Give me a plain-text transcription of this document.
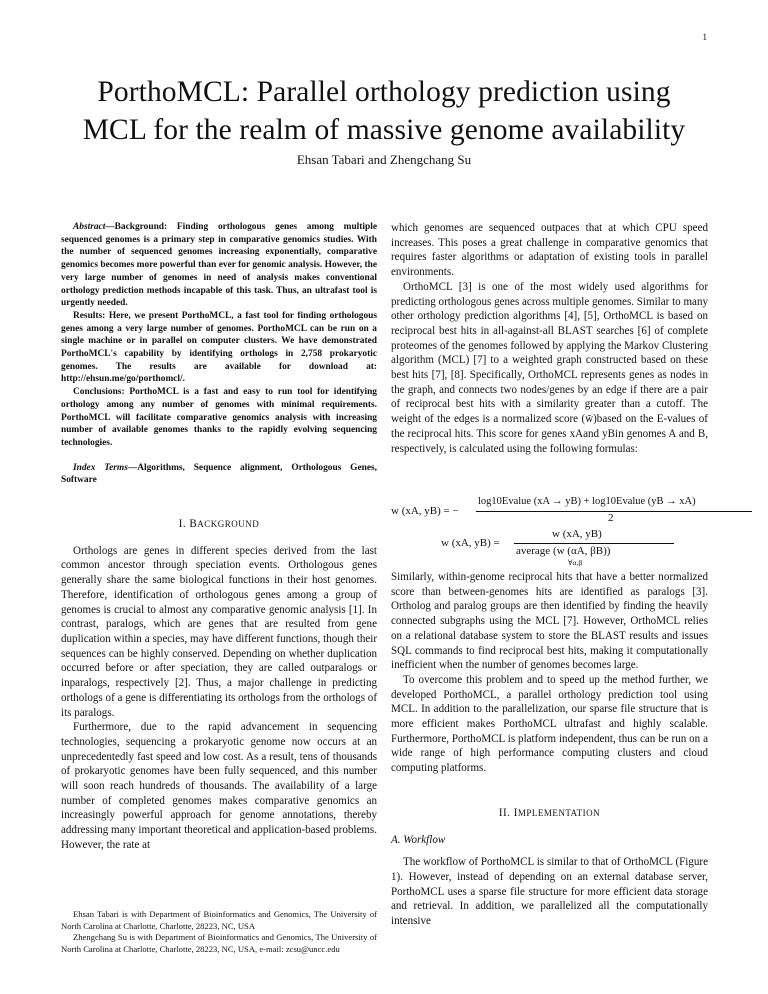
1
PorthoMCL: Parallel orthology prediction using
MCL for the realm of massive genome availability
Ehsan Tabari and Zhengchang Su

Abstract—Background: Finding orthologous genes among multiple sequenced genomes is a primary step in comparative genomics studies. With the number of sequenced genomes increasing exponentially, comparative genomics becomes more powerful than ever for genomic analysis. However, the very large number of genomes in need of analysis makes conventional orthology prediction methods incapable of this task. Thus, an ultrafast tool is urgently needed.

Results: Here, we present PorthoMCL, a fast tool for finding orthologous genes among a very large number of genomes. PorthoMCL can be run on a single machine or in parallel on computer clusters. We have demonstrated PorthoMCL's capability by identifying orthologs in 2,758 prokaryotic genomes. The results are available for download at: http://ehsun.me/go/porthomcl/.

Conclusions: PorthoMCL is a fast and easy to run tool for identifying orthology among any number of genomes with minimal requirements. PorthoMCL will facilitate comparative genomics analysis with increasing number of available genomes thanks to the rapidly evolving sequencing technologies.

Index Terms—Algorithms, Sequence alignment, Orthologous Genes, Software

I. BACKGROUND

Orthologs are genes in different species derived from the last common ancestor through speciation events. Orthologous genes generally share the same biological functions in their host genomes. Therefore, identification of orthologous genes among a group of genomes is crucial to almost any comparative genomic analysis [1]. In contrast, paralogs, which are genes that are resulted from gene duplication within a species, may have different functions, though their sequences can be highly conserved. Depending on whether duplication occurred before or after speciation, they are called outparalogs or inparalogs, respectively [2]. Thus, a major challenge in predicting orthologs of a gene is differentiating its orthologs from the orthologs of its paralogs.

Furthermore, due to the rapid advancement in sequencing technologies, sequencing a prokaryotic genome now occurs at an unprecedentedly fast speed and low cost. As a result, tens of thousands of prokaryotic genomes have been fully sequenced, and this number will soon reach hundreds of thousands. The availability of a large number of completed genomes makes comparative genomics an increasingly powerful approach for genome annotations, thereby addressing many important theoretical and application-based problems. However, the rate at

Ehsan Tabari is with Department of Bioinformatics and Genomics, The University of North Carolina at Charlotte, Charlotte, 28223, NC, USA

Zhengchang Su is with Department of Bioinformatics and Genomics, The University of North Carolina at Charlotte, Charlotte, 28223, NC, USA, e-mail: zcsu@uncc.edu

which genomes are sequenced outpaces that at which CPU speed increases. This poses a great challenge in comparative genomics that requires faster algorithms or adaptation of existing tools in parallel environments.

OrthoMCL [3] is one of the most widely used algorithms for predicting orthologous genes across multiple genomes. Similar to many other orthology prediction algorithms [4], [5], OrthoMCL is based on reciprocal best hits in all-against-all BLAST searches [6] of complete proteomes of the genomes followed by applying the Markov Clustering algorithm (MCL) [7] to a weighted graph constructed based on these best hits [7], [8]. Specifically, OrthoMCL represents genes as nodes in the graph, and connects two nodes/genes by an edge if there are a pair of reciprocal best hits with a similarity greater than a cutoff. The weight of the edges is a normalized score (w̄)based on the E-values of the reciprocal hits. This score for genes xAand yBin genomes A and B, respectively, is calculated using the following formulas:

w (xA, yB) = −
log10Evalue (xA → yB) + log10Evalue (yB → xA)
2
w (xA, yB) =
w (xA, yB)
average (w (αA, βB))
∀α,β

Similarly, within-genome reciprocal hits that have a better normalized score than between-genomes hits are identified as paralogs [3]. Ortholog and paralog groups are then identified by finding the heavily connected subgraphs using the MCL [7]. However, OrthoMCL relies on a relational database system to store the BLAST results and issues SQL commands to find reciprocal best hits, making it computationally inefficient when the number of genomes becomes large.

To overcome this problem and to speed up the method further, we developed PorthoMCL, a parallel orthology prediction tool using MCL. In addition to the parallelization, our sparse file structure that is more efficient makes PorthoMCL ultrafast and highly scalable. Furthermore, PorthoMCL is platform independent, thus can be run on a wide range of high performance computing clusters and cloud computing platforms.

II. IMPLEMENTATION

A. Workflow

The workflow of PorthoMCL is similar to that of OrthoMCL (Figure 1). However, instead of depending on an external database server, PorthoMCL uses a sparse file structure for more efficient data storage and retrieval. In addition, we parallelized all the computationally intensive
